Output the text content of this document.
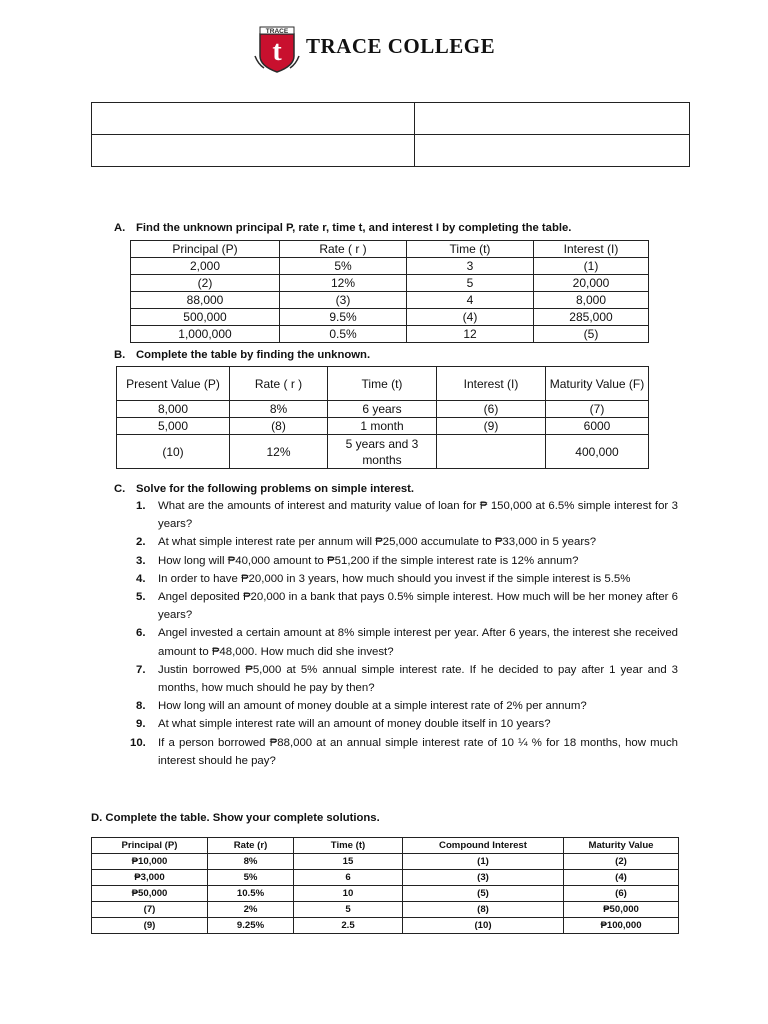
TRACE
t TRACE COLLEGE

A. Find the unknown principal P, rate r, time t, and interest I by completing the table.
Principal (P)	Rate ( r )	Time (t)	Interest (I)
2,000	5%	3	(1)
(2)	12%	5	20,000
88,000	(3)	4	8,000
500,000	9.5%	(4)	285,000
1,000,000	0.5%	12	(5)
B. Complete the table by finding the unknown.
Present Value (P)	Rate ( r )	Time (t)	Interest (I)	Maturity Value (F)
8,000	8%	6 years	(6)	(7)
5,000	(8)	1 month	(9)	6000
(10)	12%	5 years and 3 months		400,000
C. Solve for the following problems on simple interest.
1. What are the amounts of interest and maturity value of loan for ₱ 150,000 at 6.5% simple interest for 3 years?
2. At what simple interest rate per annum will ₱25,000 accumulate to ₱33,000 in 5 years?
3. How long will ₱40,000 amount to ₱51,200 if the simple interest rate is 12% annum?
4. In order to have ₱20,000 in 3 years, how much should you invest if the simple interest is 5.5%
5. Angel deposited ₱20,000 in a bank that pays 0.5% simple interest. How much will be her money after 6 years?
6. Angel invested a certain amount at 8% simple interest per year. After 6 years, the interest she received amount to ₱48,000. How much did she invest?
7. Justin borrowed ₱5,000 at 5% annual simple interest rate. If he decided to pay after 1 year and 3 months, how much should he pay by then?
8. How long will an amount of money double at a simple interest rate of 2% per annum?
9. At what simple interest rate will an amount of money double itself in 10 years?
10. If a person borrowed ₱88,000 at an annual simple interest rate of 10 ¼ % for 18 months, how much interest should he pay?
D. Complete the table. Show your complete solutions.
Principal (P)	Rate (r)	Time (t)	Compound Interest	Maturity Value
₱10,000	8%	15	(1)	(2)
₱3,000	5%	6	(3)	(4)
₱50,000	10.5%	10	(5)	(6)
(7)	2%	5	(8)	₱50,000
(9)	9.25%	2.5	(10)	₱100,000
